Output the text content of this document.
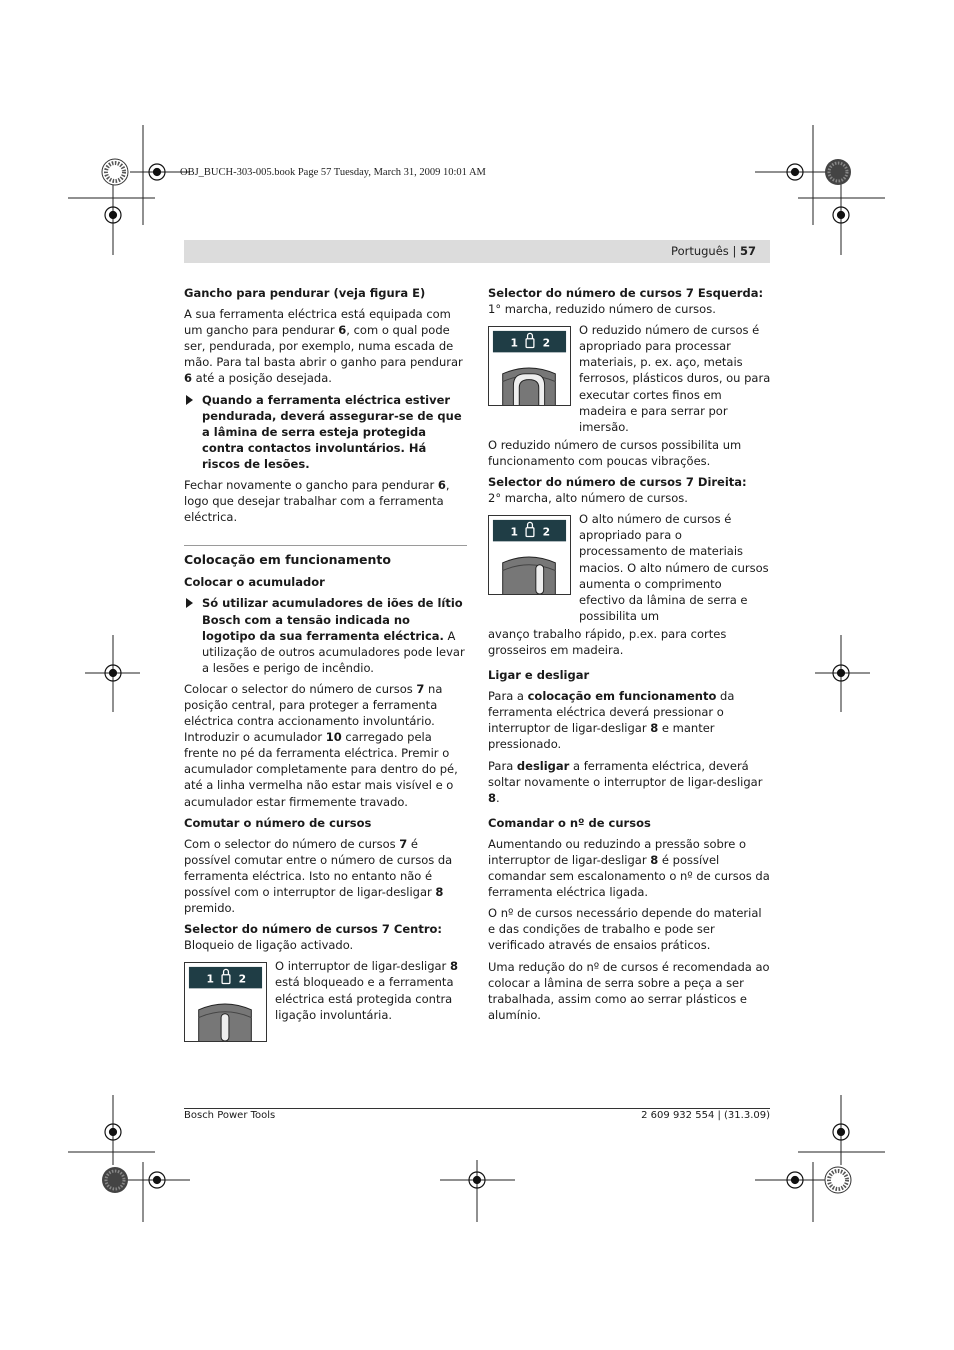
OBJ_BUCH-303-005.book Page 57 Tuesday, March 31, 2009 10:01 AM
Português | 57
Gancho para pendurar (veja figura E)
A sua ferramenta eléctrica está equipada com um gancho para pendurar 6, com o qual pode ser, pendurada, por exemplo, numa escada de mão. Para tal basta abrir o ganho para pendurar 6 até a posição desejada.
Quando a ferramenta eléctrica estiver pendurada, deverá assegurar-se de que a lâmina de serra esteja protegida contra contactos involuntários. Há riscos de lesões.
Fechar novamente o gancho para pendurar 6, logo que desejar trabalhar com a ferramenta eléctrica.
Colocação em funcionamento
Colocar o acumulador
Só utilizar acumuladores de iões de lítio Bosch com a tensão indicada no logotipo da sua ferramenta eléctrica. A utilização de outros acumuladores pode levar a lesões e perigo de incêndio.
Colocar o selector do número de cursos 7 na posição central, para proteger a ferramenta eléctrica contra accionamento involuntário. Introduzir o acumulador 10 carregado pela frente no pé da ferramenta eléctrica. Premir o acumulador completamente para dentro do pé, até a linha vermelha não estar mais visível e o acumulador estar firmemente travado.
Comutar o número de cursos
Com o selector do número de cursos 7 é possível comutar entre o número de cursos da ferramenta eléctrica. Isto no entanto não é possível com o interruptor de ligar-desligar 8 premido.
Selector do número de cursos 7 Centro:
Bloqueio de ligação activado.
1 2
O interruptor de ligar-desligar 8 está bloqueado e a ferramenta eléctrica está protegida contra ligação involuntária.
Selector do número de cursos 7 Esquerda:
1° marcha, reduzido número de cursos.
1 2
O reduzido número de cursos é apropriado para processar materiais, p. ex. aço, metais ferrosos, plásticos duros, ou para executar cortes finos em madeira e para serrar por imersão.
O reduzido número de cursos possibilita um funcionamento com poucas vibrações.
Selector do número de cursos 7 Direita:
2° marcha, alto número de cursos.
1 2
O alto número de cursos é apropriado para o processamento de materiais macios. O alto número de cursos aumenta o comprimento efectivo da lâmina de serra e possibilita um
avanço trabalho rápido, p.ex. para cortes grosseiros em madeira.
Ligar e desligar
Para a colocação em funcionamento da ferramenta eléctrica deverá pressionar o interruptor de ligar-desligar 8 e manter pressionado.
Para desligar a ferramenta eléctrica, deverá soltar novamente o interruptor de ligar-desligar 8.
Comandar o nº de cursos
Aumentando ou reduzindo a pressão sobre o interruptor de ligar-desligar 8 é possível comandar sem escalonamento o nº de cursos da ferramenta eléctrica ligada.
O nº de cursos necessário depende do material e das condições de trabalho e pode ser verificado através de ensaios práticos.
Uma redução do nº de cursos é recomendada ao colocar a lâmina de serra sobre a peça a ser trabalhada, assim como ao serrar plásticos e alumínio.
Bosch Power Tools	2 609 932 554 | (31.3.09)
